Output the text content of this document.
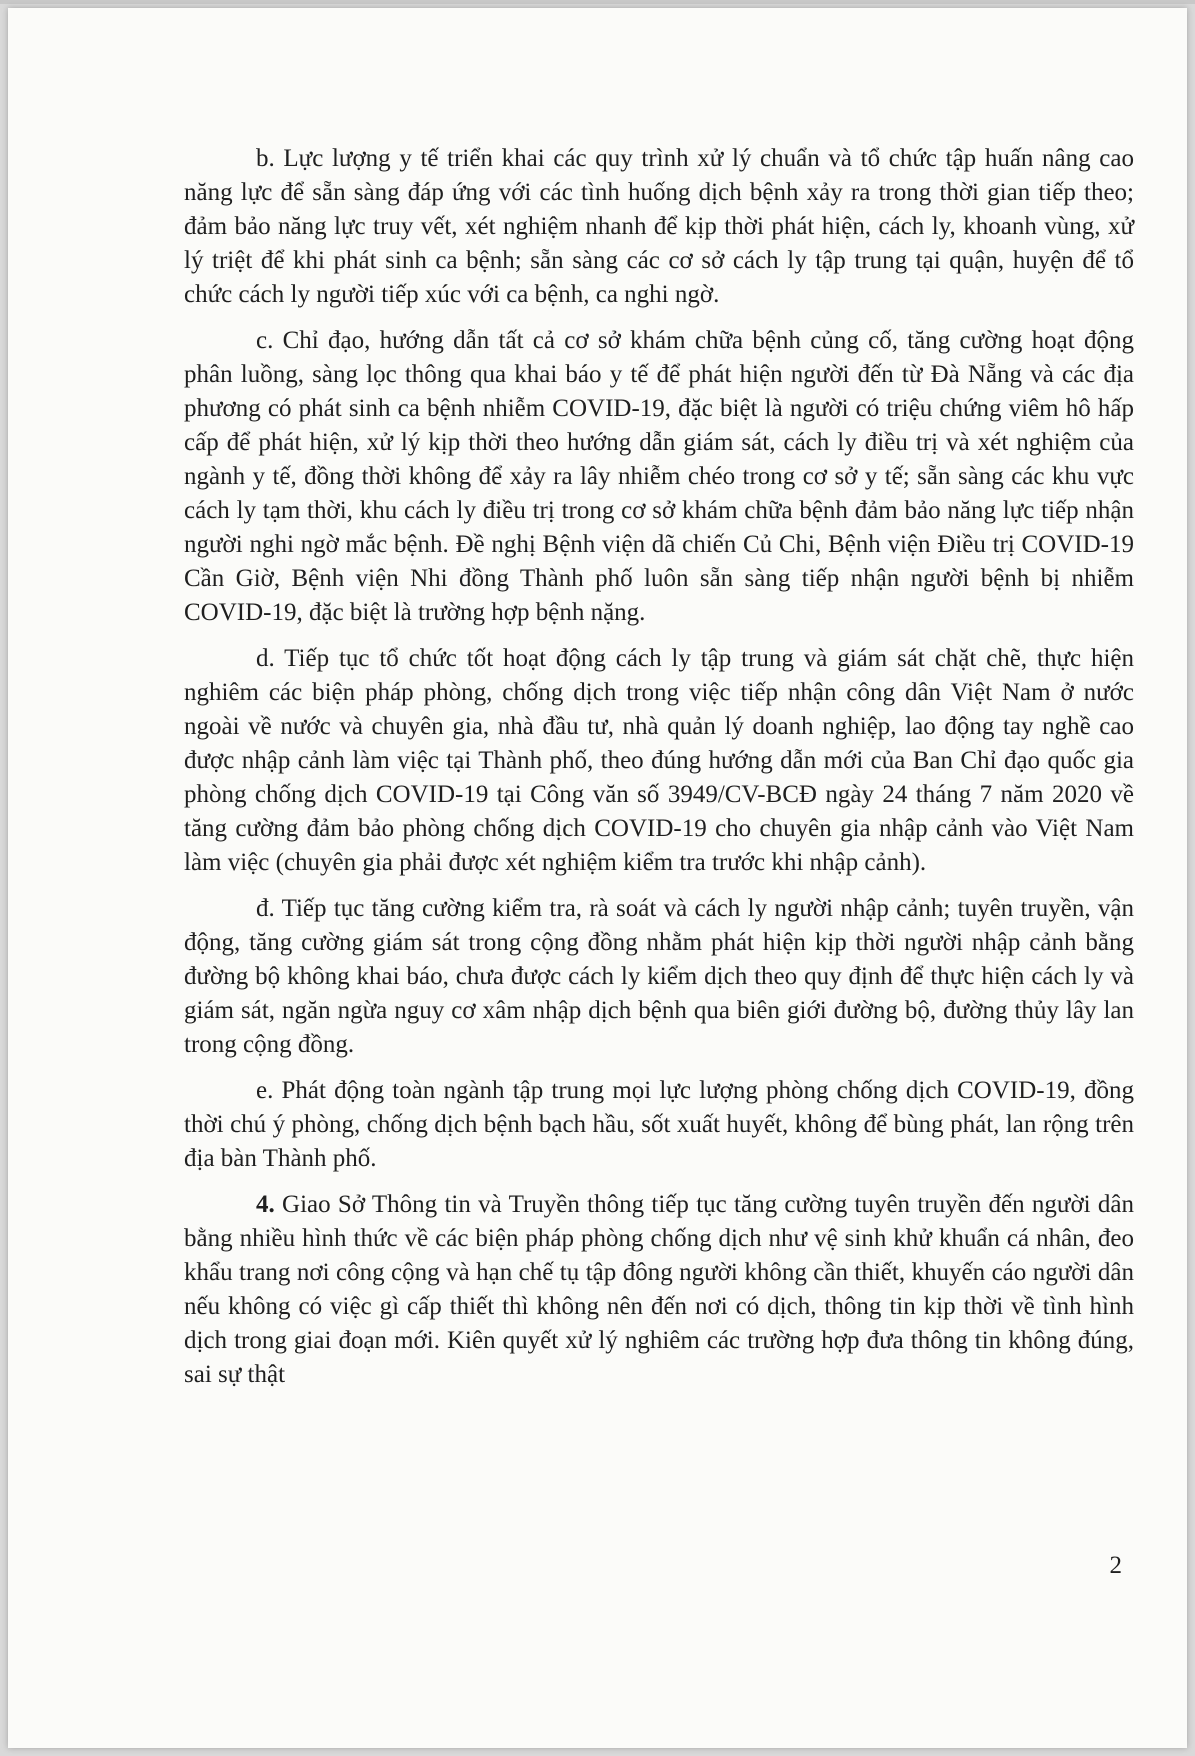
b. Lực lượng y tế triển khai các quy trình xử lý chuẩn và tổ chức tập huấn nâng cao năng lực để sẵn sàng đáp ứng với các tình huống dịch bệnh xảy ra trong thời gian tiếp theo; đảm bảo năng lực truy vết, xét nghiệm nhanh để kịp thời phát hiện, cách ly, khoanh vùng, xử lý triệt để khi phát sinh ca bệnh; sẵn sàng các cơ sở cách ly tập trung tại quận, huyện để tổ chức cách ly người tiếp xúc với ca bệnh, ca nghi ngờ.

c. Chỉ đạo, hướng dẫn tất cả cơ sở khám chữa bệnh củng cố, tăng cường hoạt động phân luồng, sàng lọc thông qua khai báo y tế để phát hiện người đến từ Đà Nẵng và các địa phương có phát sinh ca bệnh nhiễm COVID-19, đặc biệt là người có triệu chứng viêm hô hấp cấp để phát hiện, xử lý kịp thời theo hướng dẫn giám sát, cách ly điều trị và xét nghiệm của ngành y tế, đồng thời không để xảy ra lây nhiễm chéo trong cơ sở y tế; sẵn sàng các khu vực cách ly tạm thời, khu cách ly điều trị trong cơ sở khám chữa bệnh đảm bảo năng lực tiếp nhận người nghi ngờ mắc bệnh. Đề nghị Bệnh viện dã chiến Củ Chi, Bệnh viện Điều trị COVID-19 Cần Giờ, Bệnh viện Nhi đồng Thành phố luôn sẵn sàng tiếp nhận người bệnh bị nhiễm COVID-19, đặc biệt là trường hợp bệnh nặng.

d. Tiếp tục tổ chức tốt hoạt động cách ly tập trung và giám sát chặt chẽ, thực hiện nghiêm các biện pháp phòng, chống dịch trong việc tiếp nhận công dân Việt Nam ở nước ngoài về nước và chuyên gia, nhà đầu tư, nhà quản lý doanh nghiệp, lao động tay nghề cao được nhập cảnh làm việc tại Thành phố, theo đúng hướng dẫn mới của Ban Chỉ đạo quốc gia phòng chống dịch COVID-19 tại Công văn số 3949/CV-BCĐ ngày 24 tháng 7 năm 2020 về tăng cường đảm bảo phòng chống dịch COVID-19 cho chuyên gia nhập cảnh vào Việt Nam làm việc (chuyên gia phải được xét nghiệm kiểm tra trước khi nhập cảnh).

đ. Tiếp tục tăng cường kiểm tra, rà soát và cách ly người nhập cảnh; tuyên truyền, vận động, tăng cường giám sát trong cộng đồng nhằm phát hiện kịp thời người nhập cảnh bằng đường bộ không khai báo, chưa được cách ly kiểm dịch theo quy định để thực hiện cách ly và giám sát, ngăn ngừa nguy cơ xâm nhập dịch bệnh qua biên giới đường bộ, đường thủy lây lan trong cộng đồng.

e. Phát động toàn ngành tập trung mọi lực lượng phòng chống dịch COVID-19, đồng thời chú ý phòng, chống dịch bệnh bạch hầu, sốt xuất huyết, không để bùng phát, lan rộng trên địa bàn Thành phố.

4. Giao Sở Thông tin và Truyền thông tiếp tục tăng cường tuyên truyền đến người dân bằng nhiều hình thức về các biện pháp phòng chống dịch như vệ sinh khử khuẩn cá nhân, đeo khẩu trang nơi công cộng và hạn chế tụ tập đông người không cần thiết, khuyến cáo người dân nếu không có việc gì cấp thiết thì không nên đến nơi có dịch, thông tin kịp thời về tình hình dịch trong giai đoạn mới. Kiên quyết xử lý nghiêm các trường hợp đưa thông tin không đúng, sai sự thật

2
